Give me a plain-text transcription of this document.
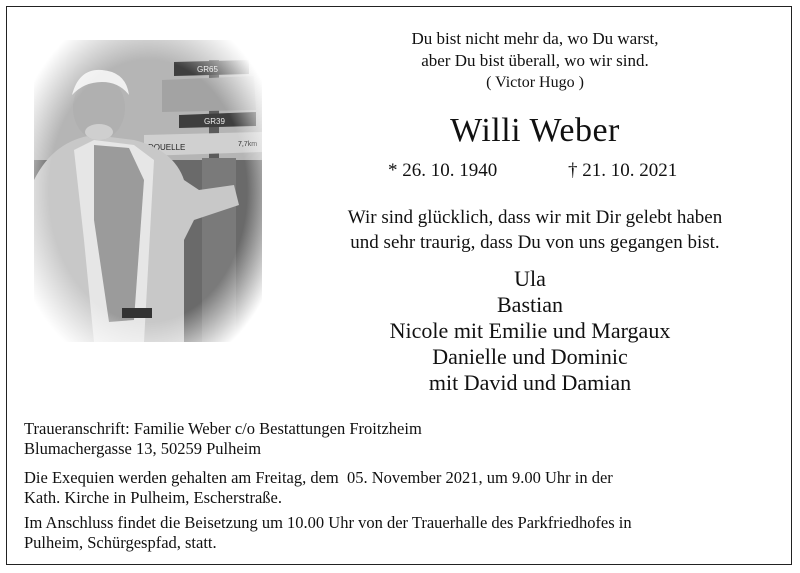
Du bist nicht mehr da, wo Du warst,
aber Du bist überall, wo wir sind.
( Victor Hugo )
Willi Weber
* 26. 10. 1940	† 21. 10. 2021
Wir sind glücklich, dass wir mit Dir gelebt haben
und sehr traurig, dass Du von uns gegangen bist.
Ula
Bastian
Nicole mit Emilie und Margaux
Danielle und Dominic
mit David und Damian
Traueranschrift: Familie Weber c/o Bestattungen Froitzheim
Blumachergasse 13, 50259 Pulheim
Die Exequien werden gehalten am Freitag, dem  05. November 2021, um 9.00 Uhr in der
Kath. Kirche in Pulheim, Escherstraße.
Im Anschluss findet die Beisetzung um 10.00 Uhr von der Trauerhalle des Parkfriedhofes in
Pulheim, Schürgespfad, statt.
